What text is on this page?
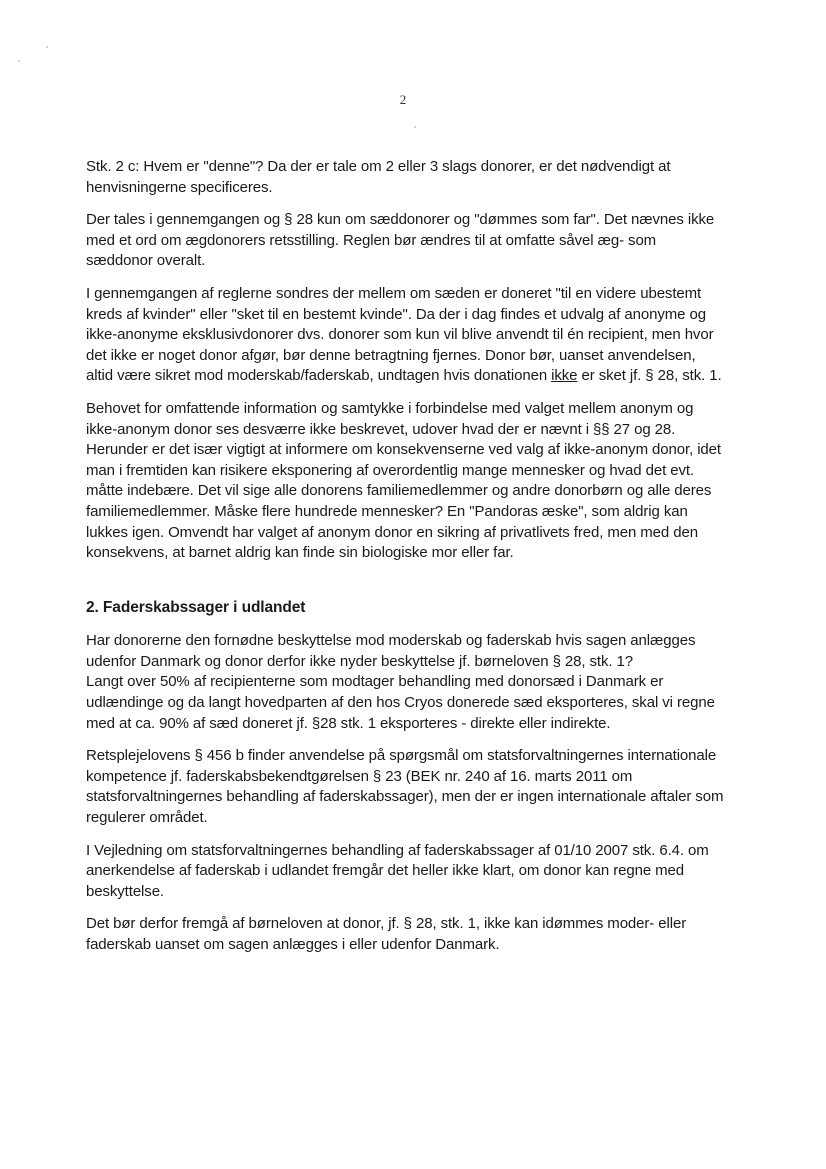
2

Stk. 2 c: Hvem er "denne"? Da der er tale om 2 eller 3 slags donorer, er det nødvendigt at henvisningerne specificeres.

Der tales i gennemgangen og § 28 kun om sæddonorer og "dømmes som far". Det nævnes ikke med et ord om ægdonorers retsstilling. Reglen bør ændres til at omfatte såvel æg- som sæddonor overalt.

I gennemgangen af reglerne sondres der mellem om sæden er doneret "til en videre ubestemt kreds af kvinder" eller "sket til en bestemt kvinde". Da der i dag findes et udvalg af anonyme og ikke-anonyme eksklusivdonorer dvs. donorer som kun vil blive anvendt til én recipient, men hvor det ikke er noget donor afgør, bør denne betragtning fjernes. Donor bør, uanset anvendelsen, altid være sikret mod moderskab/faderskab, undtagen hvis donationen ikke er sket jf. § 28, stk. 1.

Behovet for omfattende information og samtykke i forbindelse med valget mellem anonym og ikke-anonym donor ses desværre ikke beskrevet, udover hvad der er nævnt i §§ 27 og 28. Herunder er det især vigtigt at informere om konsekvenserne ved valg af ikke-anonym donor, idet man i fremtiden kan risikere eksponering af overordentlig mange mennesker og hvad det evt. måtte indebære. Det vil sige alle donorens familiemedlemmer og andre donorbørn og alle deres familiemedlemmer. Måske flere hundrede mennesker? En "Pandoras æske", som aldrig kan lukkes igen. Omvendt har valget af anonym donor en sikring af privatlivets fred, men med den konsekvens, at barnet aldrig kan finde sin biologiske mor eller far.

2. Faderskabssager i udlandet

Har donorerne den fornødne beskyttelse mod moderskab og faderskab hvis sagen anlægges udenfor Danmark og donor derfor ikke nyder beskyttelse jf. børneloven § 28, stk. 1?

Langt over 50% af recipienterne som modtager behandling med donorsæd i Danmark er udlændinge og da langt hovedparten af den hos Cryos donerede sæd eksporteres, skal vi regne med at ca. 90% af sæd doneret jf. §28 stk. 1 eksporteres - direkte eller indirekte.

Retsplejelovens § 456 b finder anvendelse på spørgsmål om statsforvaltningernes internationale kompetence jf. faderskabsbekendtgørelsen § 23 (BEK nr. 240 af 16. marts 2011 om statsforvaltningernes behandling af faderskabssager), men der er ingen internationale aftaler som regulerer området.

I Vejledning om statsforvaltningernes behandling af faderskabssager af 01/10 2007 stk. 6.4. om anerkendelse af faderskab i udlandet fremgår det heller ikke klart, om donor kan regne med beskyttelse.

Det bør derfor fremgå af børneloven at donor, jf. § 28, stk. 1, ikke kan idømmes moder- eller faderskab uanset om sagen anlægges i eller udenfor Danmark.
